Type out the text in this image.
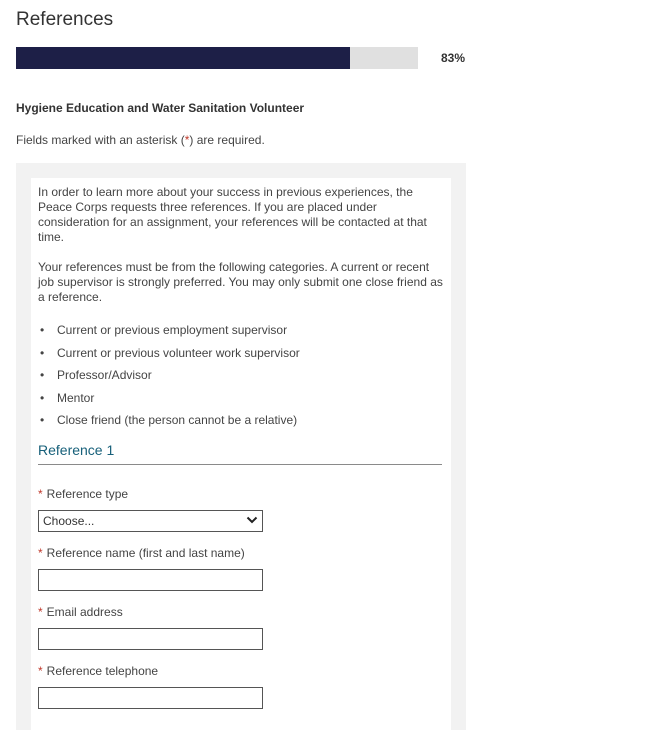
References
83%
Hygiene Education and Water Sanitation Volunteer
Fields marked with an asterisk (*) are required.

In order to learn more about your success in previous experiences, the Peace Corps requests three references. If you are placed under consideration for an assignment, your references will be contacted at that time.

Your references must be from the following categories. A current or recent job supervisor is strongly preferred. You may only submit one close friend as a reference.

• Current or previous employment supervisor
• Current or previous volunteer work supervisor
• Professor/Advisor
• Mentor
• Close friend (the person cannot be a relative)
Reference 1
* Reference type
Choose...
* Reference name (first and last name)
* Email address
* Reference telephone
